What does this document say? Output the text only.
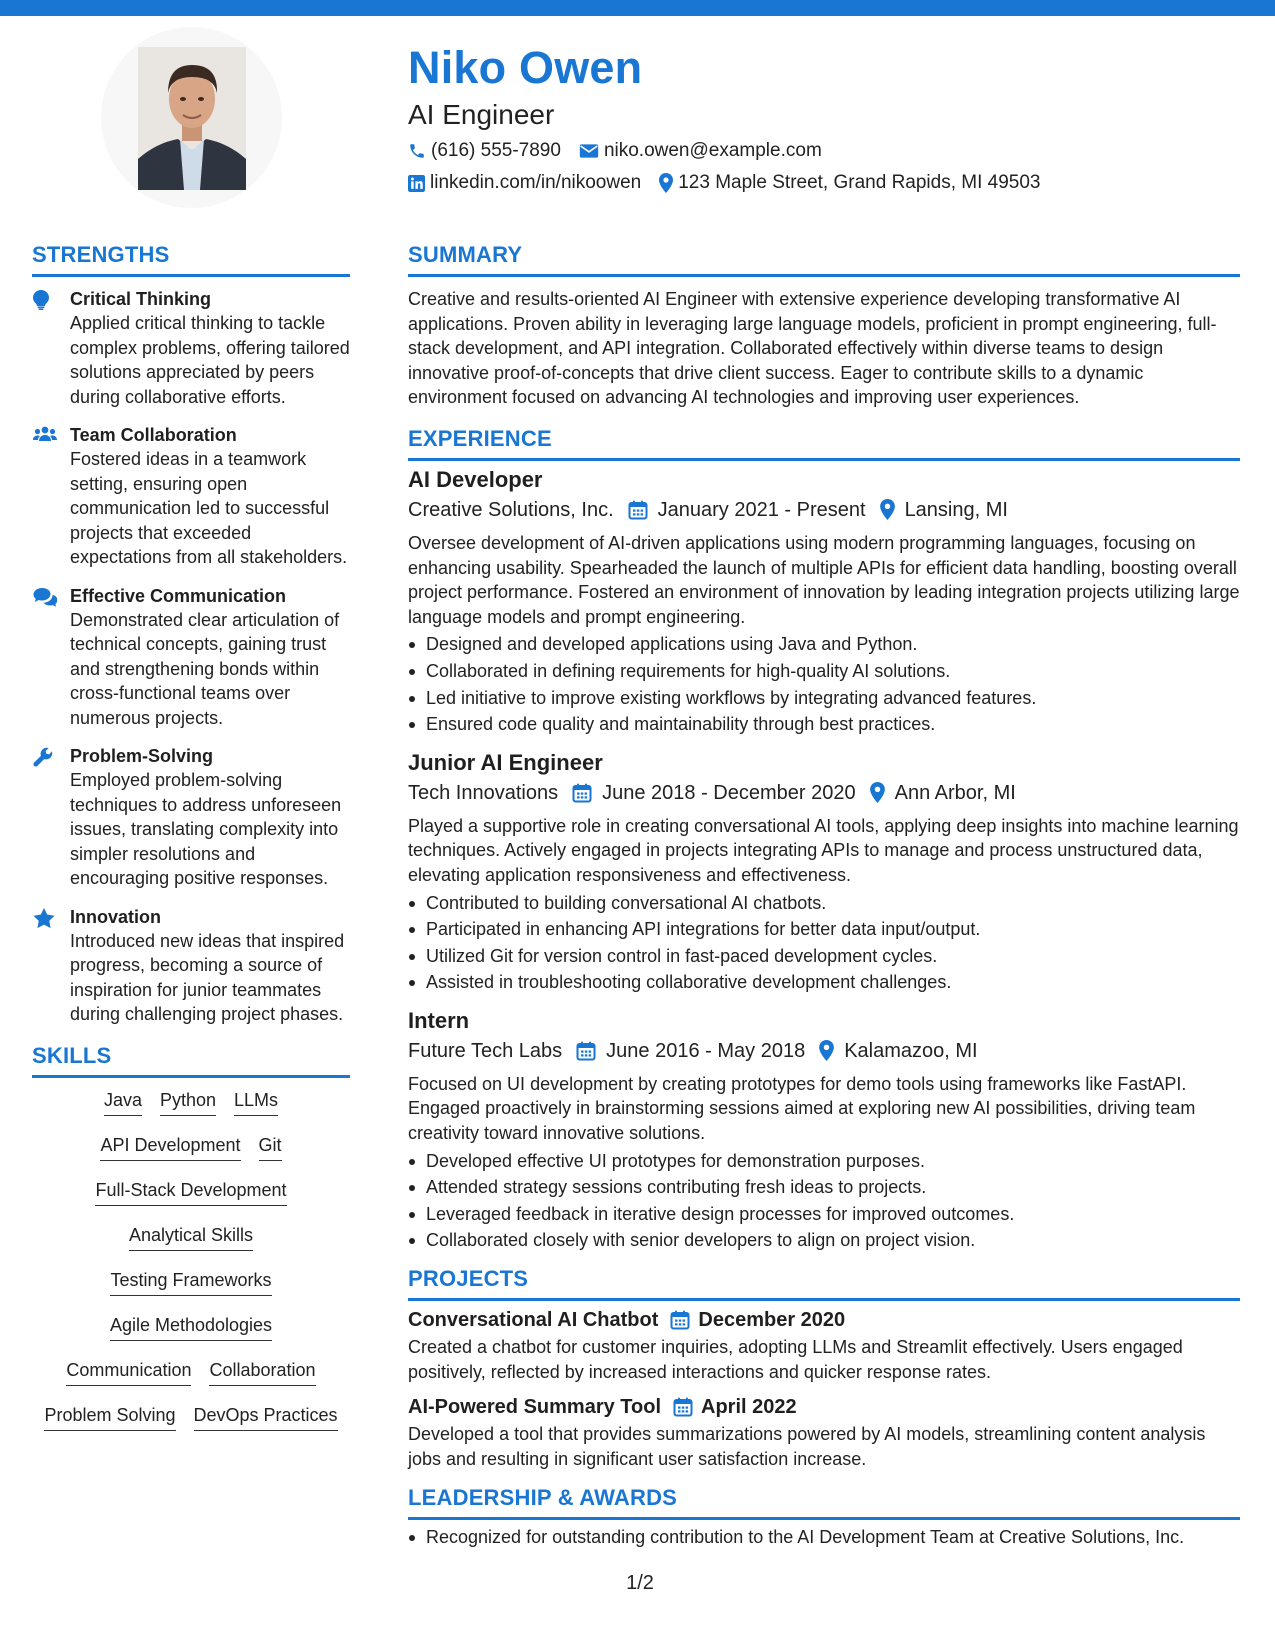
Niko Owen
AI Engineer
(616) 555-7890 niko.owen@example.com
linkedin.com/in/nikoowen 123 Maple Street, Grand Rapids, MI 49503
STRENGTHS
Critical Thinking
Applied critical thinking to tackle complex problems, offering tailored solutions appreciated by peers during collaborative efforts.
Team Collaboration
Fostered ideas in a teamwork setting, ensuring open communication led to successful projects that exceeded expectations from all stakeholders.
Effective Communication
Demonstrated clear articulation of technical concepts, gaining trust and strengthening bonds within cross-functional teams over numerous projects.
Problem-Solving
Employed problem-solving techniques to address unforeseen issues, translating complexity into simpler resolutions and encouraging positive responses.
Innovation
Introduced new ideas that inspired progress, becoming a source of inspiration for junior teammates during challenging project phases.
SKILLS
Java Python LLMs
API Development Git
Full-Stack Development
Analytical Skills
Testing Frameworks
Agile Methodologies
Communication Collaboration
Problem Solving DevOps Practices
SUMMARY
Creative and results-oriented AI Engineer with extensive experience developing transformative AI applications. Proven ability in leveraging large language models, proficient in prompt engineering, full-stack development, and API integration. Collaborated effectively within diverse teams to design innovative proof-of-concepts that drive client success. Eager to contribute skills to a dynamic environment focused on advancing AI technologies and improving user experiences.
EXPERIENCE
AI Developer
Creative Solutions, Inc. January 2021 - Present Lansing, MI
Oversee development of AI-driven applications using modern programming languages, focusing on enhancing usability. Spearheaded the launch of multiple APIs for efficient data handling, boosting overall project performance. Fostered an environment of innovation by leading integration projects utilizing large language models and prompt engineering.
Designed and developed applications using Java and Python.
Collaborated in defining requirements for high-quality AI solutions.
Led initiative to improve existing workflows by integrating advanced features.
Ensured code quality and maintainability through best practices.
Junior AI Engineer
Tech Innovations June 2018 - December 2020 Ann Arbor, MI
Played a supportive role in creating conversational AI tools, applying deep insights into machine learning techniques. Actively engaged in projects integrating APIs to manage and process unstructured data, elevating application responsiveness and effectiveness.
Contributed to building conversational AI chatbots.
Participated in enhancing API integrations for better data input/output.
Utilized Git for version control in fast-paced development cycles.
Assisted in troubleshooting collaborative development challenges.
Intern
Future Tech Labs June 2016 - May 2018 Kalamazoo, MI
Focused on UI development by creating prototypes for demo tools using frameworks like FastAPI. Engaged proactively in brainstorming sessions aimed at exploring new AI possibilities, driving team creativity toward innovative solutions.
Developed effective UI prototypes for demonstration purposes.
Attended strategy sessions contributing fresh ideas to projects.
Leveraged feedback in iterative design processes for improved outcomes.
Collaborated closely with senior developers to align on project vision.
PROJECTS
Conversational AI Chatbot December 2020
Created a chatbot for customer inquiries, adopting LLMs and Streamlit effectively. Users engaged positively, reflected by increased interactions and quicker response rates.
AI-Powered Summary Tool April 2022
Developed a tool that provides summarizations powered by AI models, streamlining content analysis jobs and resulting in significant user satisfaction increase.
LEADERSHIP & AWARDS
Recognized for outstanding contribution to the AI Development Team at Creative Solutions, Inc.
1/2
